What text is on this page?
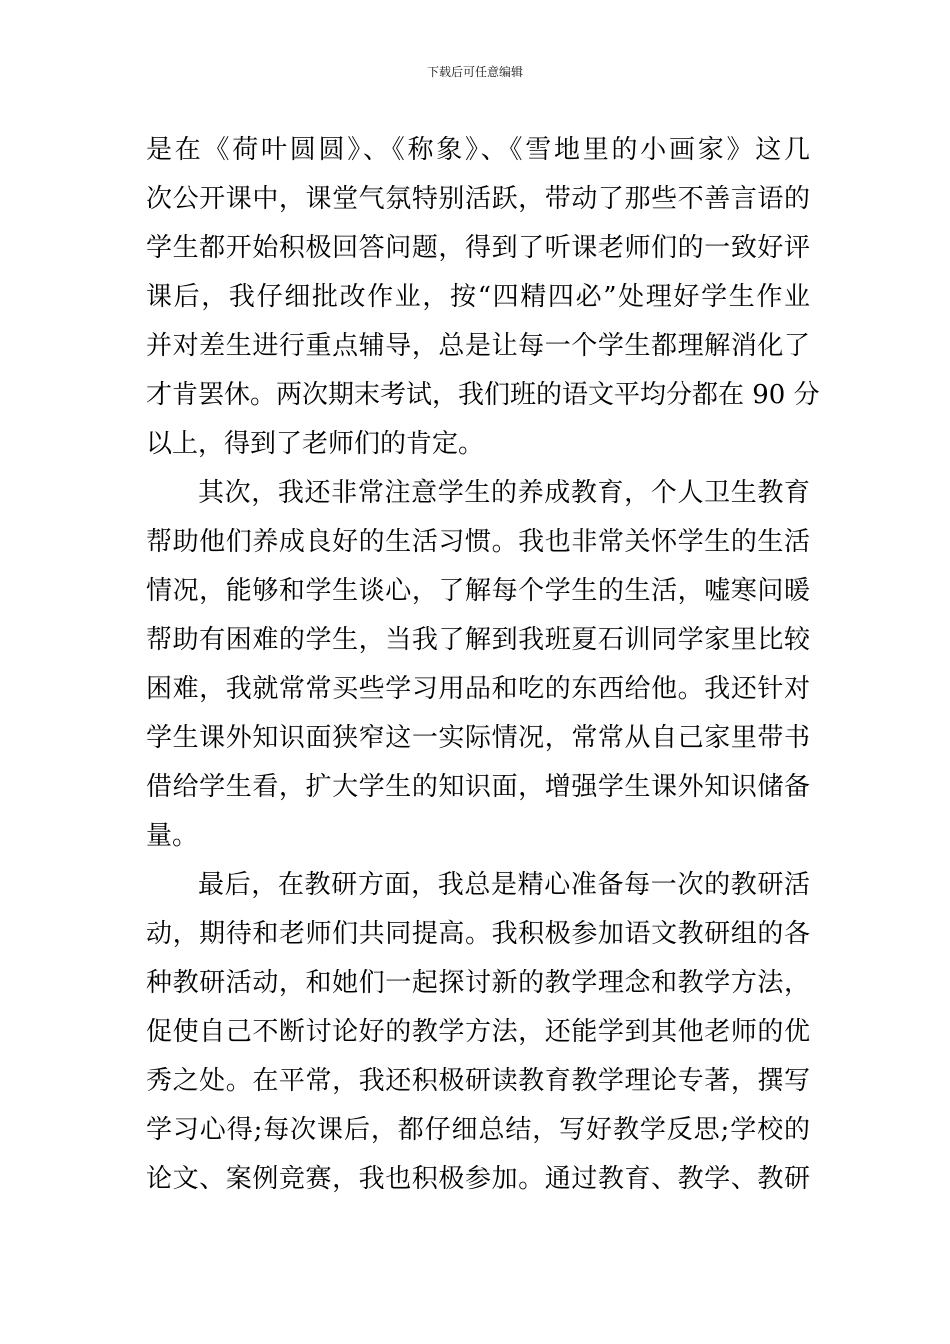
下载后可任意编辑
是在《荷叶圆圆》、《称象》、《雪地里的小画家》这几
次公开课中，课堂气氛特别活跃，带动了那些不善言语的
学生都开始积极回答问题，得到了听课老师们的一致好评
课后，我仔细批改作业，按“四精四必”处理好学生作业
并对差生进行重点辅导，总是让每一个学生都理解消化了
才肯罢休。两次期末考试，我们班的语文平均分都在 90 分
以上，得到了老师们的肯定。
其次，我还非常注意学生的养成教育，个人卫生教育
帮助他们养成良好的生活习惯。我也非常关怀学生的生活
情况，能够和学生谈心，了解每个学生的生活，嘘寒问暖
帮助有困难的学生，当我了解到我班夏石训同学家里比较
困难，我就常常买些学习用品和吃的东西给他。我还针对
学生课外知识面狭窄这一实际情况，常常从自己家里带书
借给学生看，扩大学生的知识面，增强学生课外知识储备
量。
最后，在教研方面，我总是精心准备每一次的教研活
动，期待和老师们共同提高。我积极参加语文教研组的各
种教研活动，和她们一起探讨新的教学理念和教学方法，
促使自己不断讨论好的教学方法，还能学到其他老师的优
秀之处。在平常，我还积极研读教育教学理论专著，撰写
学习心得;每次课后，都仔细总结，写好教学反思;学校的
论文、案例竞赛，我也积极参加。通过教育、教学、教研
